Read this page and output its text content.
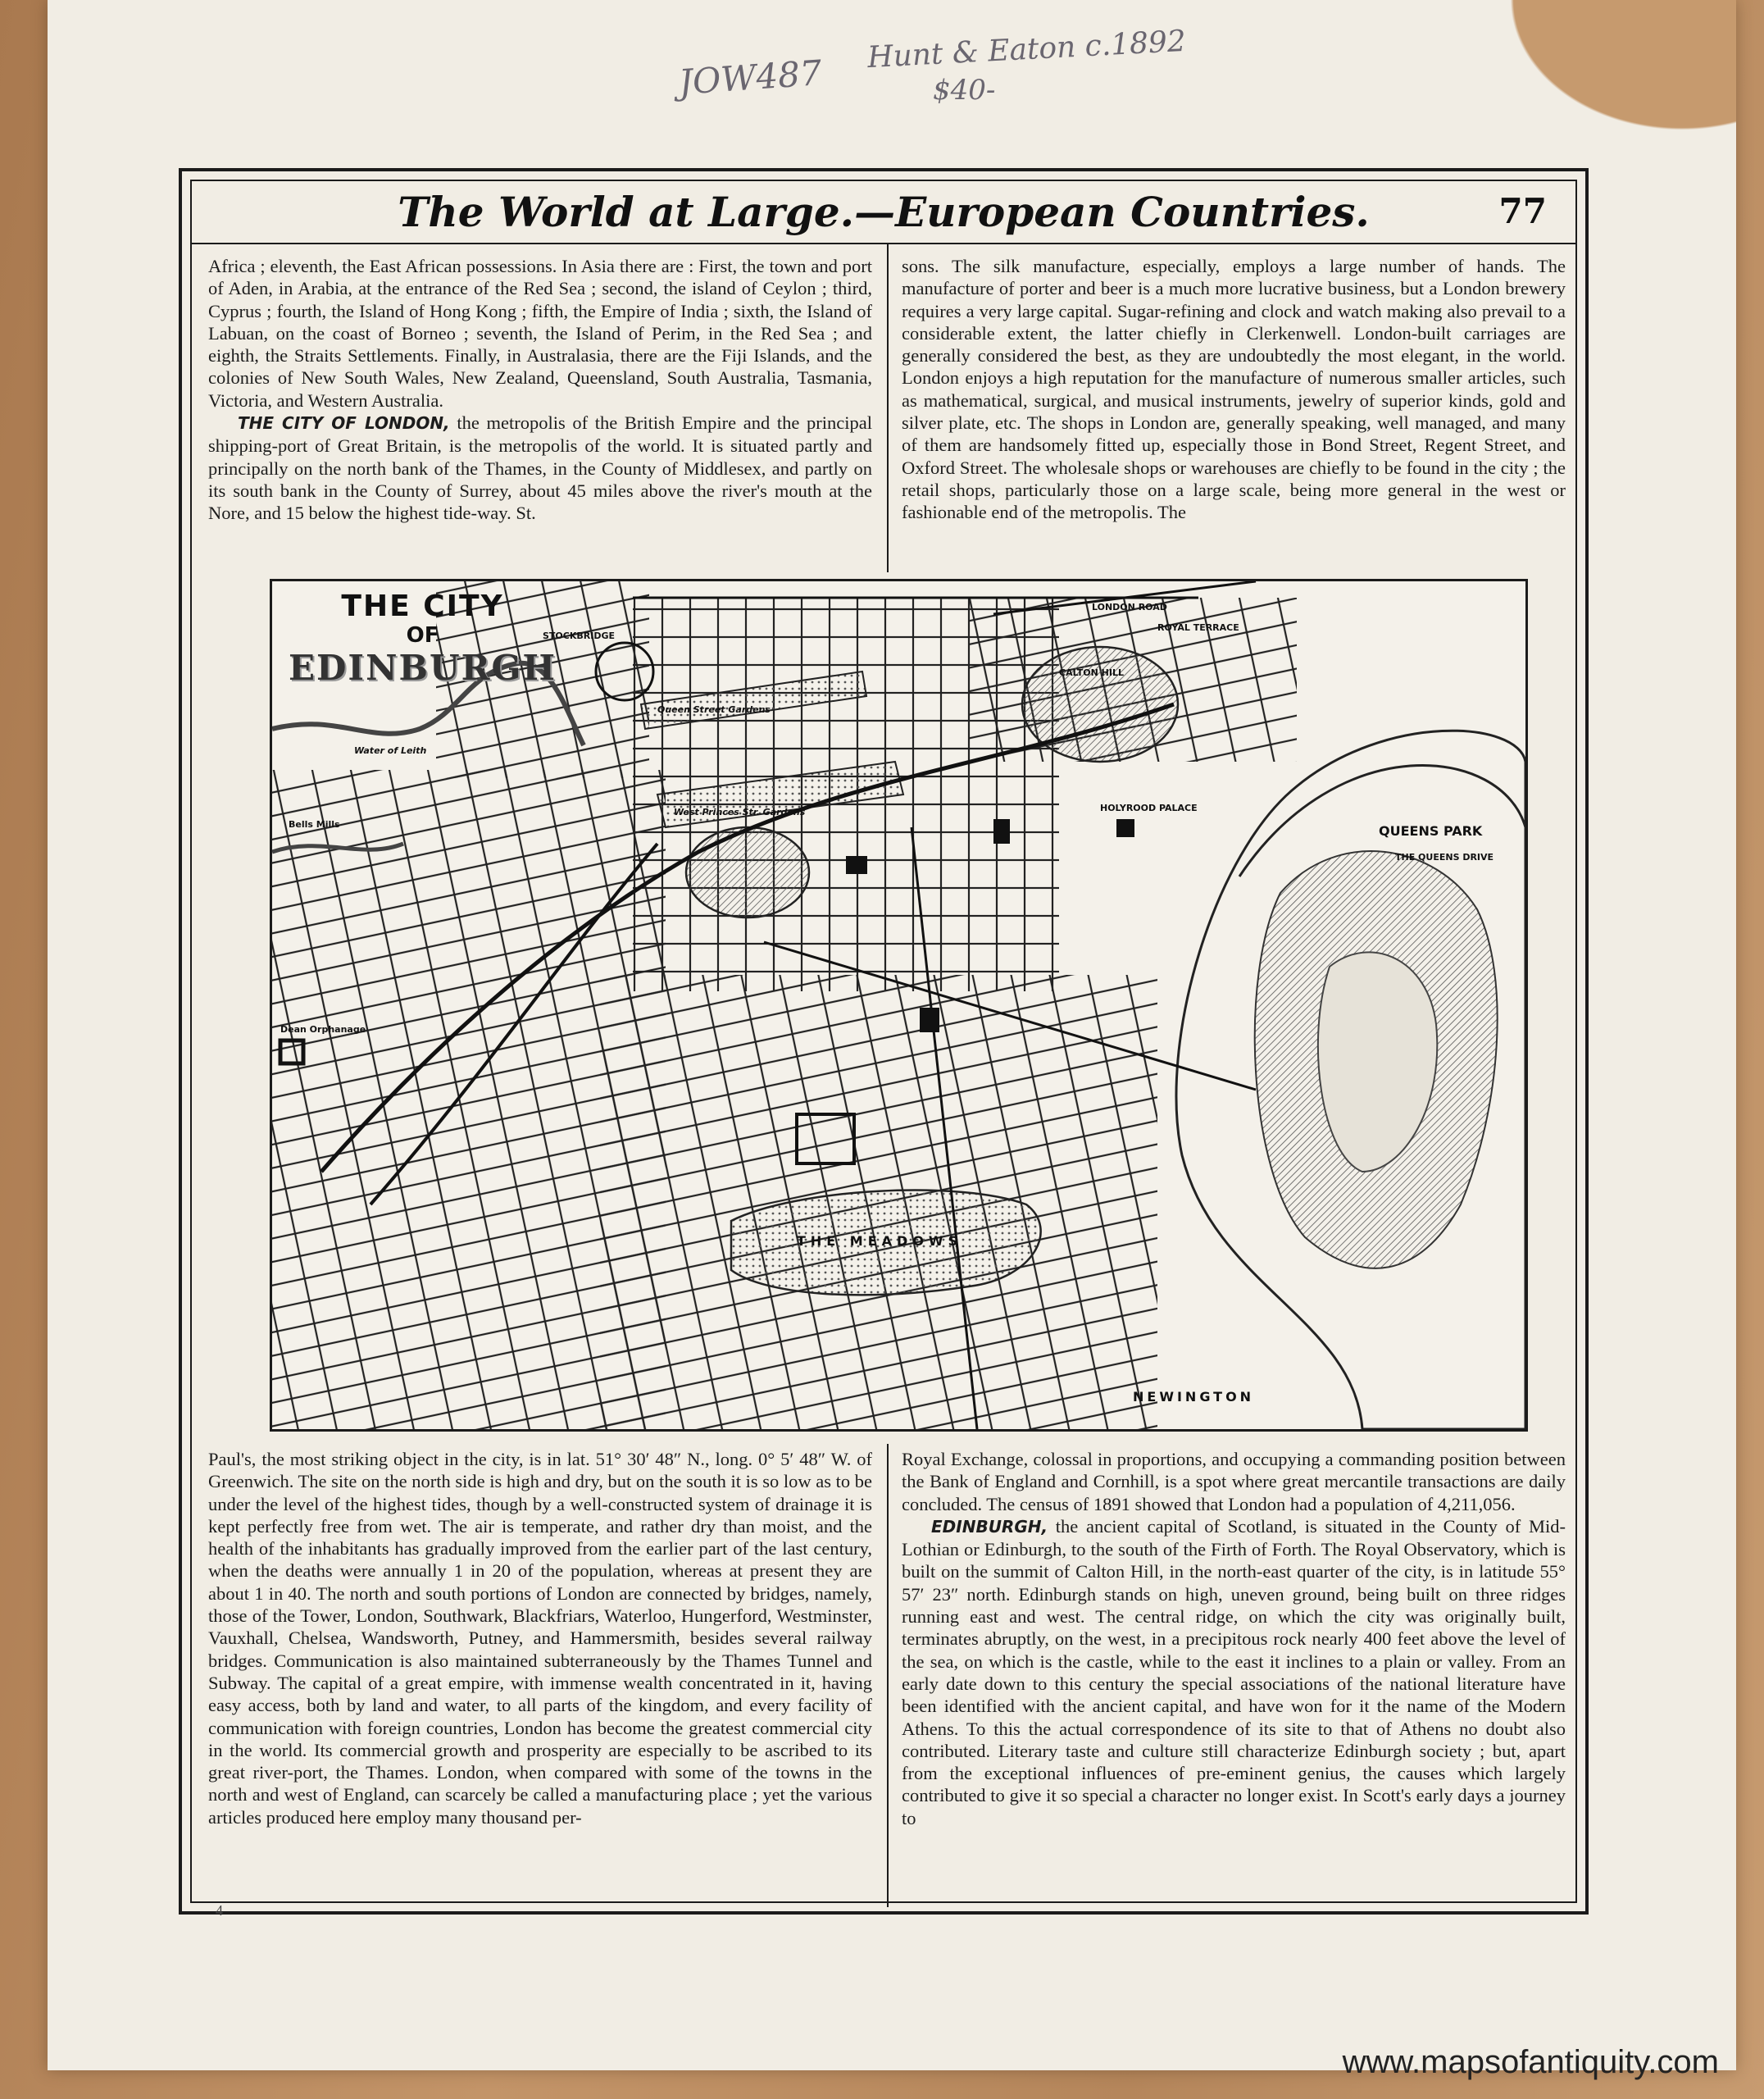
JOW487
Hunt & Eaton c.1892
$40-
The World at Large.—European Countries.	77

Africa ; eleventh, the East African possessions. In Asia there are : First, the town and port of Aden, in Arabia, at the entrance of the Red Sea ; second, the island of Ceylon ; third, Cyprus ; fourth, the Island of Hong Kong ; fifth, the Empire of India ; sixth, the Island of Labuan, on the coast of Borneo ; seventh, the Island of Perim, in the Red Sea ; and eighth, the Straits Settlements. Finally, in Australasia, there are the Fiji Islands, and the colonies of New South Wales, New Zealand, Queensland, South Australia, Tasmania, Victoria, and Western Australia.

THE CITY OF LONDON, the metropolis of the British Empire and the principal shipping-port of Great Britain, is the metropolis of the world. It is situated partly and principally on the north bank of the Thames, in the County of Middlesex, and partly on its south bank in the County of Surrey, about 45 miles above the river's mouth at the Nore, and 15 below the highest tide-way. St.

sons. The silk manufacture, especially, employs a large number of hands. The manufacture of porter and beer is a much more lucrative business, but a London brewery requires a very large capital. Sugar-refining and clock and watch making also prevail to a considerable extent, the latter chiefly in Clerkenwell. London-built carriages are generally considered the best, as they are undoubtedly the most elegant, in the world. London enjoys a high reputation for the manufacture of numerous smaller articles, such as mathematical, surgical, and musical instruments, jewelry of superior kinds, gold and silver plate, etc. The shops in London are, generally speaking, well managed, and many of them are handsomely fitted up, especially those in Bond Street, Regent Street, and Oxford Street. The wholesale shops or warehouses are chiefly to be found in the city ; the retail shops, particularly those on a large scale, being more general in the west or fashionable end of the metropolis. The

STOCKBRIDGE
CALTON HILL
ROYAL TERRACE
LONDON ROAD
QUEENS PARK
HOLYROOD PALACE
THE QUEENS DRIVE
Queen Street Gardens
West Princes Str. Gardens
Water of Leith
THE MEADOWS
NEWINGTON
Bells Mills
Dean Orphanage
THE CITY
OF
EDINBURGH

Paul's, the most striking object in the city, is in lat. 51° 30′ 48″ N., long. 0° 5′ 48″ W. of Greenwich. The site on the north side is high and dry, but on the south it is so low as to be under the level of the highest tides, though by a well-constructed system of drainage it is kept perfectly free from wet. The air is temperate, and rather dry than moist, and the health of the inhabitants has gradually improved from the earlier part of the last century, when the deaths were annually 1 in 20 of the population, whereas at present they are about 1 in 40. The north and south portions of London are connected by bridges, namely, those of the Tower, London, Southwark, Blackfriars, Waterloo, Hungerford, Westminster, Vauxhall, Chelsea, Wandsworth, Putney, and Hammersmith, besides several railway bridges. Communication is also maintained subterraneously by the Thames Tunnel and Subway. The capital of a great empire, with immense wealth concentrated in it, having easy access, both by land and water, to all parts of the kingdom, and every facility of communication with foreign countries, London has become the greatest commercial city in the world. Its commercial growth and prosperity are especially to be ascribed to its great river-port, the Thames. London, when compared with some of the towns in the north and west of England, can scarcely be called a manufacturing place ; yet the various articles produced here employ many thousand per-

Royal Exchange, colossal in proportions, and occupying a commanding position between the Bank of England and Cornhill, is a spot where great mercantile transactions are daily concluded. The census of 1891 showed that London had a population of 4,211,056.

EDINBURGH, the ancient capital of Scotland, is situated in the County of Mid-Lothian or Edinburgh, to the south of the Firth of Forth. The Royal Observatory, which is built on the summit of Calton Hill, in the north-east quarter of the city, is in latitude 55° 57′ 23″ north. Edinburgh stands on high, uneven ground, being built on three ridges running east and west. The central ridge, on which the city was originally built, terminates abruptly, on the west, in a precipitous rock nearly 400 feet above the level of the sea, on which is the castle, while to the east it inclines to a plain or valley. From an early date down to this century the special associations of the national literature have been identified with the ancient capital, and have won for it the name of the Modern Athens. To this the actual correspondence of its site to that of Athens no doubt also contributed. Literary taste and culture still characterize Edinburgh society ; but, apart from the exceptional influences of pre-eminent genius, the causes which largely contributed to give it so special a character no longer exist. In Scott's early days a journey to

4
www.mapsofantiquity.com
